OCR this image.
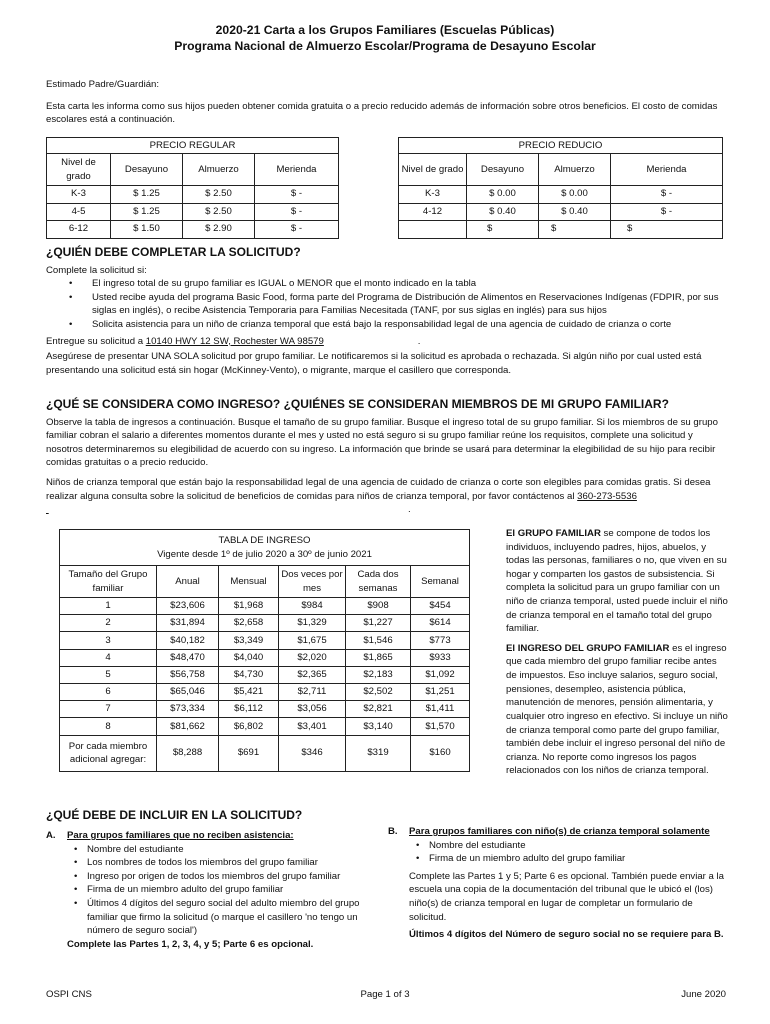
2020-21 Carta a los Grupos Familiares (Escuelas Públicas)
Programa Nacional de Almuerzo Escolar/Programa de Desayuno Escolar

Estimado Padre/Guardián:

Esta carta les informa como sus hijos pueden obtener comida gratuita o a precio reducido además de información sobre otros beneficios. El costo de comidas escolares está a continuación.

PRECIO REGULAR			
Nivel de grado	Desayuno	Almuerzo	Merienda
K-3	$ 1.25	$ 2.50	$ -
4-5	$ 1.25	$ 2.50	$ -
6-12	$ 1.50	$ 2.90	$ -
PRECIO REDUCIO			
Nivel de grado	Desayuno	Almuerzo	Merienda
K-3	$ 0.00	$ 0.00	$ -
4-12	$ 0.40	$ 0.40	$ -
	$	$	$
¿QUIÉN DEBE COMPLETAR LA SOLICITUD?

Complete la solicitud si:

• El ingreso total de su grupo familiar es IGUAL o MENOR que el monto indicado en la tabla
• Usted recibe ayuda del programa Basic Food, forma parte del Programa de Distribución de Alimentos en Reservaciones Indígenas (FDPIR, por sus siglas en inglés), o recibe Asistencia Temporaria para Familias Necesitada (TANF, por sus siglas en inglés) para sus hijos
• Solicita asistencia para un niño de crianza temporal que está bajo la responsabilidad legal de una agencia de cuidado de crianza o corte

Entregue su solicitud a 10140 HWY 12 SW, Rochester WA 98579	.

Asegúrese de presentar UNA SOLA solicitud por grupo familiar. Le notificaremos si la solicitud es aprobada o rechazada. Si algún niño por cual usted está presentando una solicitud está sin hogar (McKinney-Vento), o migrante, marque el casillero que corresponda.

¿QUÉ SE CONSIDERA COMO INGRESO? ¿QUIÉNES SE CONSIDERAN MIEMBROS DE MI GRUPO FAMILIAR?

Observe la tabla de ingresos a continuación. Busque el tamaño de su grupo familiar. Busque el ingreso total de su grupo familiar. Si los miembros de su grupo familiar cobran el salario a diferentes momentos durante el mes y usted no está seguro si su grupo familiar reúne los requisitos, complete una solicitud y nosotros determinaremos su elegibilidad de acuerdo con su ingreso. La información que brinde se usará para determinar la elegibilidad de su hijo para recibir comidas gratuitas o a precio reducido.

Niños de crianza temporal que están bajo la responsabilidad legal de una agencia de cuidado de crianza o corte son elegibles para comidas gratis. Si desea realizar alguna consulta sobre la solicitud de beneficios de comidas para niños de crianza temporal, por favor contáctenos al 360-273-5536

.

TABLA DE INGRESO
Vigente desde 1º de julio 2020 a 30º de junio 2021					

Tamaño del Grupo familiar	Anual	Mensual	Dos veces por mes	Cada dos semanas	Semanal
1	$23,606	$1,968	$984	$908	$454
2	$31,894	$2,658	$1,329	$1,227	$614
3	$40,182	$3,349	$1,675	$1,546	$773
4	$48,470	$4,040	$2,020	$1,865	$933
5	$56,758	$4,730	$2,365	$2,183	$1,092
6	$65,046	$5,421	$2,711	$2,502	$1,251
7	$73,334	$6,112	$3,056	$2,821	$1,411
8	$81,662	$6,802	$3,401	$3,140	$1,570
Por cada miembro adicional agregar:	$8,288	$691	$346	$319	$160

El GRUPO FAMILIAR se compone de todos los individuos, incluyendo padres, hijos, abuelos, y todas las personas, familiares o no, que viven en su hogar y comparten los gastos de subsistencia. Si completa la solicitud para un grupo familiar con un niño de crianza temporal, usted puede incluir el niño de crianza temporal en el tamaño total del grupo familiar.

El INGRESO DEL GRUPO FAMILIAR es el ingreso que cada miembro del grupo familiar recibe antes de impuestos. Eso incluye salarios, seguro social, pensiones, desempleo, asistencia pública, manutención de menores, pensión alimentaria, y cualquier otro ingreso en efectivo. Si incluye un niño de crianza temporal como parte del grupo familiar, también debe incluir el ingreso personal del niño de crianza. No reporte como ingresos los pagos relacionados con los niños de crianza temporal.

¿QUÉ DEBE DE INCLUIR EN LA SOLICITUD?

A. Para grupos familiares que no reciben asistencia:

• Nombre del estudiante
• Los nombres de todos los miembros del grupo familiar
• Ingreso por origen de todos los miembros del grupo familiar
• Firma de un miembro adulto del grupo familiar
• Últimos 4 dígitos del seguro social del adulto miembro del grupo familiar que firmo la solicitud (o marque el casillero 'no tengo un número de seguro social')

Complete las Partes 1, 2, 3, 4, y 5; Parte 6 es opcional.

B. Para grupos familiares con niño(s) de crianza temporal solamente

• Nombre del estudiante
• Firma de un miembro adulto del grupo familiar

Complete las Partes 1 y 5; Parte 6 es opcional. También puede enviar a la escuela una copia de la documentación del tribunal que le ubicó el (los) niño(s) de crianza temporal en lugar de completar un formulario de solicitud.

Últimos 4 dígitos del Número de seguro social no se requiere para B.

OSPI CNS	Page 1 of 3	June 2020
